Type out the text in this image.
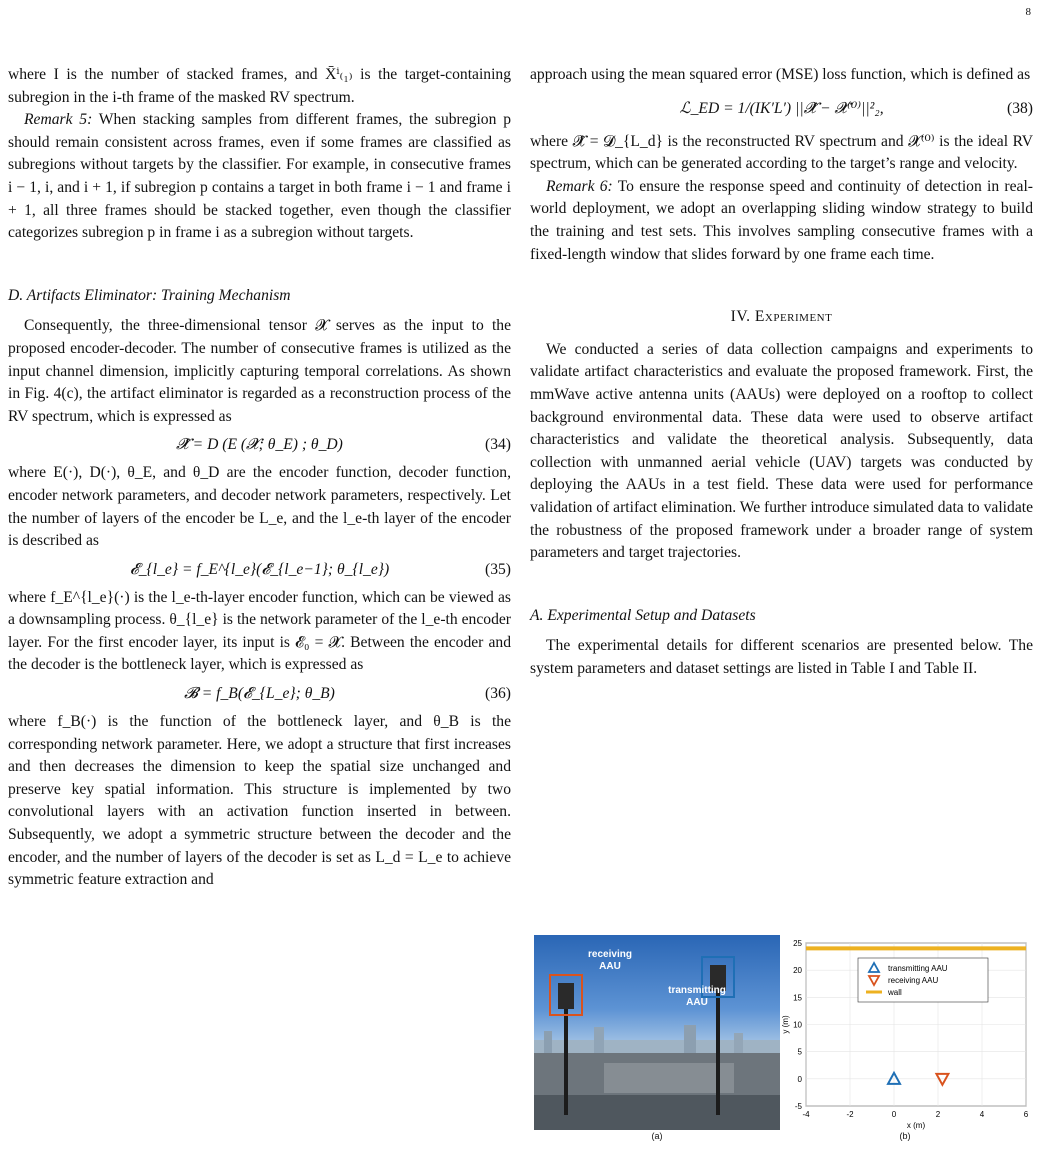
8

where I is the number of stacked frames, and X̄ⁱ₍₁₎ is the target-containing subregion in the i-th frame of the masked RV spectrum.

Remark 5: When stacking samples from different frames, the subregion p should remain consistent across frames, even if some frames are classified as subregions without targets by the classifier. For example, in consecutive frames i − 1, i, and i + 1, if subregion p contains a target in both frame i − 1 and frame i + 1, all three frames should be stacked together, even though the classifier categorizes subregion p in frame i as a subregion without targets.

D. Artifacts Eliminator: Training Mechanism

Consequently, the three-dimensional tensor 𝓧 serves as the input to the proposed encoder-decoder. The number of consecutive frames is utilized as the input channel dimension, implicitly capturing temporal correlations. As shown in Fig. 4(c), the artifact eliminator is regarded as a reconstruction process of the RV spectrum, which is expressed as

𝓧̂ = D (E (𝓧; θ_E) ; θ_D)	(34)

where E(·), D(·), θ_E, and θ_D are the encoder function, decoder function, encoder network parameters, and decoder network parameters, respectively. Let the number of layers of the encoder be L_e, and the l_e-th layer of the encoder is described as

𝓔_{l_e} = f_E^{l_e}(𝓔_{l_e−1}; θ_{l_e})	(35)

where f_E^{l_e}(·) is the l_e-th-layer encoder function, which can be viewed as a downsampling process. θ_{l_e} is the network parameter of the l_e-th encoder layer. For the first encoder layer, its input is 𝓔₀ = 𝓧. Between the encoder and the decoder is the bottleneck layer, which is expressed as

𝓑 = f_B(𝓔_{L_e}; θ_B)	(36)

where f_B(·) is the function of the bottleneck layer, and θ_B is the corresponding network parameter. Here, we adopt a structure that first increases and then decreases the dimension to keep the spatial size unchanged and preserve key spatial information. This structure is implemented by two convolutional layers with an activation function inserted in between. Subsequently, we adopt a symmetric structure between the decoder and the encoder, and the number of layers of the decoder is set as L_d = L_e to achieve symmetric feature extraction and

approach using the mean squared error (MSE) loss function, which is defined as

ℒ_ED = 1/(IK′L′) ||𝓧̂ − 𝓧⁽⁰⁾||²₂,	(38)

where 𝓧̂ = 𝓓_{L_d} is the reconstructed RV spectrum and 𝓧⁽⁰⁾ is the ideal RV spectrum, which can be generated according to the target’s range and velocity.

Remark 6: To ensure the response speed and continuity of detection in real-world deployment, we adopt an overlapping sliding window strategy to build the training and test sets. This involves sampling consecutive frames with a fixed-length window that slides forward by one frame each time.

IV. Experiment

We conducted a series of data collection campaigns and experiments to validate artifact characteristics and evaluate the proposed framework. First, the mmWave active antenna units (AAUs) were deployed on a rooftop to collect background environmental data. These data were used to observe artifact characteristics and validate the theoretical analysis. Subsequently, data collection with unmanned aerial vehicle (UAV) targets was conducted by deploying the AAUs in a test field. These data were used for performance validation of artifact elimination. We further introduce simulated data to validate the robustness of the proposed framework under a broader range of system parameters and target trajectories.

A. Experimental Setup and Datasets

The experimental details for different scenarios are presented below. The system parameters and dataset settings are listed in Table I and Table II.

receiving AAU
transmitting AAU
(a)
-4	-2	0	2	4	6
25
20
15
10
5
0
-5
x (m)
y (m)
transmitting AAU
receiving AAU
wall
(b)
